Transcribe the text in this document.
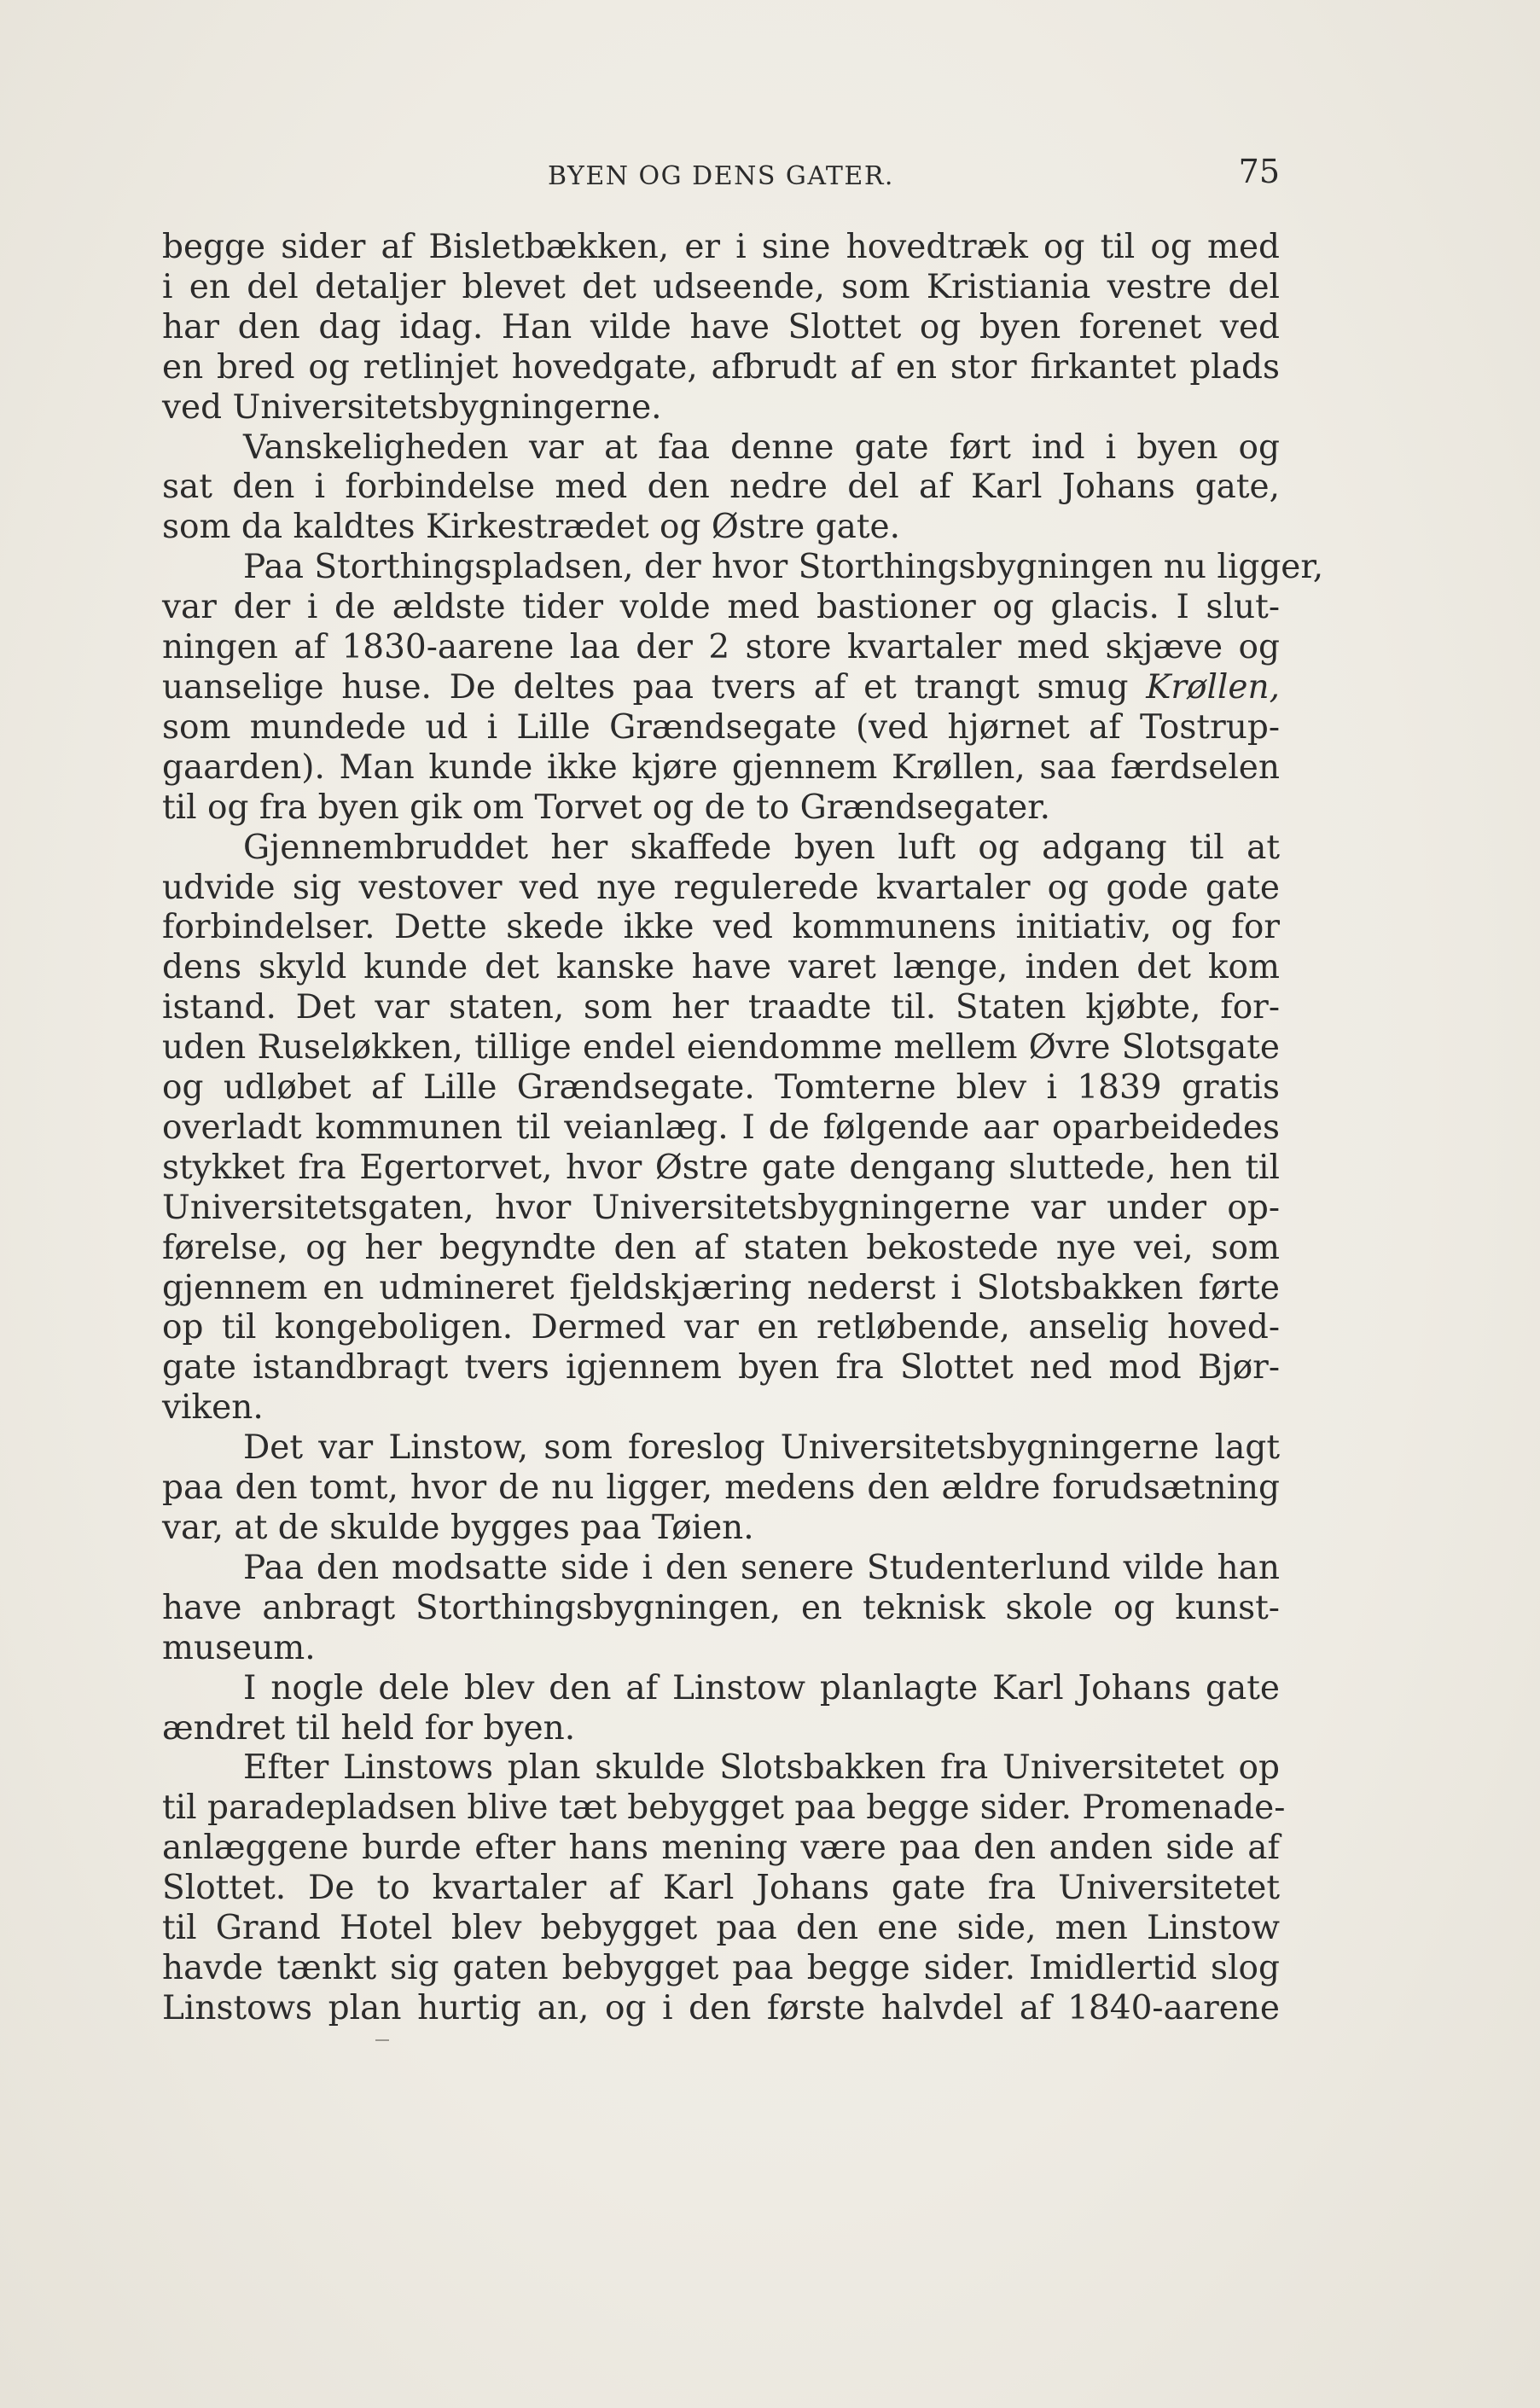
BYEN OG DENS GATER.	75
begge sider af Bisletbækken, er i sine hovedtræk og til og med
i en del detaljer blevet det udseende, som Kristiania vestre del
har den dag idag. Han vilde have Slottet og byen forenet ved
en bred og retlinjet hovedgate, afbrudt af en stor firkantet plads
ved Universitetsbygningerne.
Vanskeligheden var at faa denne gate ført ind i byen og
sat den i forbindelse med den nedre del af Karl Johans gate,
som da kaldtes Kirkestrædet og Østre gate.
Paa Storthingspladsen, der hvor Storthingsbygningen nu ligger,
var der i de ældste tider volde med bastioner og glacis. I slut-
ningen af 1830-aarene laa der 2 store kvartaler med skjæve og
uanselige huse. De deltes paa tvers af et trangt smug Krøllen,
som mundede ud i Lille Grændsegate (ved hjørnet af Tostrup-
gaarden). Man kunde ikke kjøre gjennem Krøllen, saa færdselen
til og fra byen gik om Torvet og de to Grændsegater.
Gjennembruddet her skaffede byen luft og adgang til at
udvide sig vestover ved nye regulerede kvartaler og gode gate
forbindelser. Dette skede ikke ved kommunens initiativ, og for
dens skyld kunde det kanske have varet længe, inden det kom
istand. Det var staten, som her traadte til. Staten kjøbte, for-
uden Ruseløkken, tillige endel eiendomme mellem Øvre Slotsgate
og udløbet af Lille Grændsegate. Tomterne blev i 1839 gratis
overladt kommunen til veianlæg. I de følgende aar oparbeidedes
stykket fra Egertorvet, hvor Østre gate dengang sluttede, hen til
Universitetsgaten, hvor Universitetsbygningerne var under op-
førelse, og her begyndte den af staten bekostede nye vei, som
gjennem en udmineret fjeldskjæring nederst i Slotsbakken førte
op til kongeboligen. Dermed var en retløbende, anselig hoved-
gate istandbragt tvers igjennem byen fra Slottet ned mod Bjør-
viken.
Det var Linstow, som foreslog Universitetsbygningerne lagt
paa den tomt, hvor de nu ligger, medens den ældre forudsætning
var, at de skulde bygges paa Tøien.
Paa den modsatte side i den senere Studenterlund vilde han
have anbragt Storthingsbygningen, en teknisk skole og kunst-
museum.
I nogle dele blev den af Linstow planlagte Karl Johans gate
ændret til held for byen.
Efter Linstows plan skulde Slotsbakken fra Universitetet op
til paradepladsen blive tæt bebygget paa begge sider. Promenade-
anlæggene burde efter hans mening være paa den anden side af
Slottet. De to kvartaler af Karl Johans gate fra Universitetet
til Grand Hotel blev bebygget paa den ene side, men Linstow
havde tænkt sig gaten bebygget paa begge sider. Imidlertid slog
Linstows plan hurtig an, og i den første halvdel af 1840-aarene
